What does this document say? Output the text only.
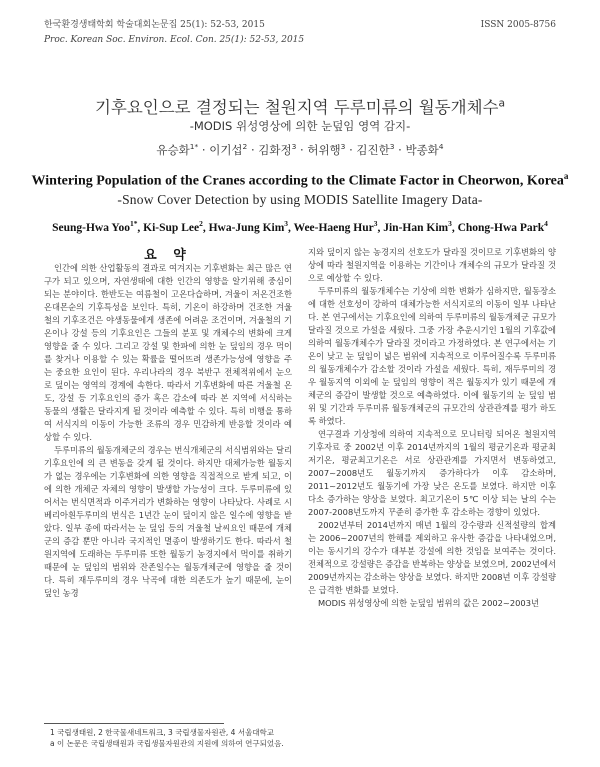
한국환경생태학회 학술대회논문집 25(1): 52-53, 2015	ISSN 2005-8756
Proc. Korean Soc. Environ. Ecol. Con. 25(1): 52-53, 2015
기후요인으로 결정되는 철원지역 두루미류의 월동개체수$^a$
-MODIS 위성영상에 의한 눈덮임 영역 감지-
유승화$^{1*}$ · 이기섭$^2$ · 김화정$^3$ · 허위행$^3$ · 김진한$^3$ · 박종화$^4$
Wintering Population of the Cranes according to the Climate Factor in Cheorwon, Korea$^a$
-Snow Cover Detection by using MODIS Satellite Imagery Data-
Seung-Hwa Yoo$^{1*}$, Ki-Sup Lee$^2$, Hwa-Jung Kim$^3$, Wee-Haeng Hur$^3$, Jin-Han Kim$^3$, Chong-Hwa Park$^4$
요 약

인간에 의한 산업활동의 결과로 여겨지는 기후변화는 최근 많은 연구가 되고 있으며, 자연생태에 대한 인간의 영향을 알기위해 중심이 되는 분야이다. 한반도는 여름철이 고온다습하며, 겨울이 저온건조한 온대몬순의 기후특성을 보인다. 특히, 기온이 하강하며 건조한 겨울철의 기후조건은 야생동물에게 생존에 어려운 조건이며, 겨울철의 기온이나 강설 등의 기후요인은 그들의 분포 및 개체수의 변화에 크게 영향을 줄 수 있다. 그리고 강설 및 한파에 의한 눈 덮임의 경우 먹이를 찾거나 이용할 수 있는 확률을 떨어뜨려 생존가능성에 영향을 주는 중요한 요인이 된다. 우리나라의 경우 북반구 전체적위에서 눈으로 덮이는 영역의 경계에 속한다. 따라서 기후변화에 따른 겨울철 온도, 강설 등 기후요인의 증가 혹은 감소에 따라 본 지역에 서식하는 동물의 생활은 달라지게 될 것이라 예측할 수 있다. 특히 비행을 통하여 서식지의 이동이 가능한 조류의 경우 민감하게 반응할 것이라 예상할 수 있다.

두루미류의 월동개체군의 경우는 번식개체군의 서식범위와는 달리 기후요인에 의 큰 변동을 갖게 될 것이다. 하지만 대체가능한 월동지가 없는 경우에는 기후변화에 의한 영향을 직접적으로 받게 되고, 이에 의한 개체군 자체의 영향이 발생할 가능성이 크다. 두루미류에 있어서는 번식면적과 이주거리가 변화하는 영향이 나타났다. 사례로 시베리아흰두루미의 번식은 1년간 눈이 덮이지 않은 일수에 영향을 받았다. 일부 종에 따라서는 눈 덮임 등의 겨울철 날씨요인 때문에 개체군의 증감 뿐만 아니라 국지적인 멸종이 발생하기도 한다. 따라서 철원지역에 도래하는 두루미류 또한 월동기 농경지에서 먹이를 취하기 때문에 눈 덮임의 범위와 잔존일수는 월동개체군에 영향을 줄 것이다. 특히 재두루미의 경우 낙곡에 대한 의존도가 높기 때문에, 눈이 덮인 농경

지와 덮이지 않는 농경지의 선호도가 달라질 것이므로 기후변화의 양상에 따라 철원지역을 이용하는 기간이나 개체수의 규모가 달라질 것으로 예상할 수 있다.

두루미류의 월동개체수는 기상에 의한 변화가 심하지만, 월동장소에 대한 선호성이 강하여 대체가능한 서식지로의 이동이 일부 나타난다. 본 연구에서는 기후요인에 의하여 두루미류의 월동개체군 규모가 달라질 것으로 가설을 세웠다. 그중 가장 추운시기인 1월의 기후값에 의하여 월동개체수가 달라질 것이라고 가정하였다. 본 연구에서는 기온이 낮고 눈 덮임이 넓은 범위에 지속적으로 이루어질수록 두루미류의 월동개체수가 감소할 것이라 가설을 세웠다. 특히, 재두루미의 경우 월동지역 이외에 눈 덮임의 영향이 적은 월동지가 있기 때문에 개체군의 증감이 발생할 것으로 예측하였다. 이에 월동기의 눈 덮임 범위 및 기간과 두루미류 월동개체군의 규모간의 상관관계를 평가 하도록 하였다.

연구결과 기상청에 의하여 지속적으로 모니터링 되어온 철원지역 기후자료 중 2002년 이후 2014년까지의 1월의 평균기온과 평균최저기온, 평균최고기온은 서로 상관관계를 가지면서 변동하였고, 2007~2008년도 월동기까지 증가하다가 이후 감소하며, 2011~2012년도 월동기에 가장 낮은 온도를 보였다. 하지만 이후 다소 증가하는 양상을 보였다. 최고기온이 5℃ 이상 되는 날의 수는 2007-2008년도까지 꾸준히 증가한 후 감소하는 경향이 있었다.

2002년부터 2014년까지 매년 1월의 강수량과 신적설량의 합계는 2006~2007년의 한해를 제외하고 유사한 증감을 나타내었으며, 이는 동시기의 강수가 대부분 강설에 의한 것임을 보여주는 것이다. 전체적으로 강설량은 증감을 반복하는 양상을 보였으며, 2002년에서 2009년까지는 감소하는 양상을 보였다. 하지만 2008년 이후 강설량은 급격한 변화를 보였다.

MODIS 위성영상에 의한 눈덮임 범위의 값은 2002~2003년

1 국립생태원, 2 한국물새네트워크, 3 국립생물자원관, 4 서울대학교
a 이 논문은 국립생태원과 국립생물자원관의 지원에 의하여 연구되었음.
